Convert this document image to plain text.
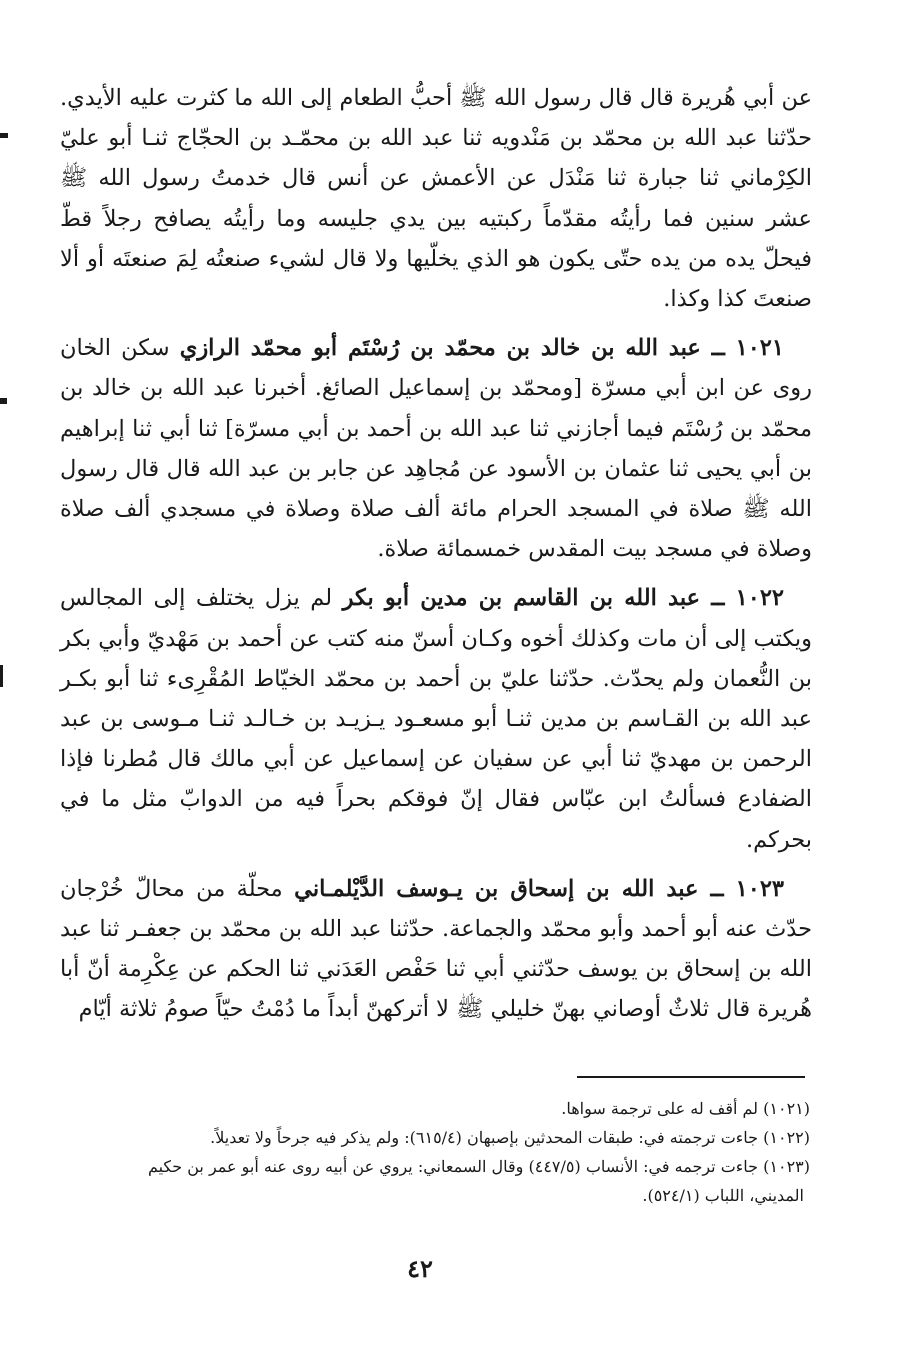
عن أبي هُريرة قال قال رسول الله ﷺ أحبُّ الطعام إلى الله ما كثرت عليه الأيدي. حدّثنا عبد الله بن محمّد بن مَنْدويه ثنا عبد الله بن محمّـد بن الحجّاج ثنـا أبو عليّ الكِرْماني ثنا جبارة ثنا مَنْدَل عن الأعمش عن أنس قال خدمتُ رسول الله ﷺ عشر سنين فما رأيتُه مقدّماً ركبتيه بين يدي جليسه وما رأيتُه يصافح رجلاً قطّ فيحلّ يده من يده حتّى يكون هو الذي يخلّيها ولا قال لشيء صنعتُه لِمَ صنعتَه أو ألا صنعتَ كذا وكذا.

١٠٢١ ــ عبد الله بن خالد بن محمّد بن رُسْتَم أبو محمّد الرازي سكن الخان روى عن ابن أبي مسرّة [ومحمّد بن إسماعيل الصائغ. أخبرنا عبد الله بن خالد بن محمّد بن رُسْتَم فيما أجازني ثنا عبد الله بن أحمد بن أبي مسرّة] ثنا أبي ثنا إبراهيم بن أبي يحيى ثنا عثمان بن الأسود عن مُجاهِد عن جابر بن عبد الله قال قال رسول الله ﷺ صلاة في المسجد الحرام مائة ألف صلاة وصلاة في مسجدي ألف صلاة وصلاة في مسجد بيت المقدس خمسمائة صلاة.

١٠٢٢ ــ عبد الله بن القاسم بن مدين أبو بكر لم يزل يختلف إلى المجالس ويكتب إلى أن مات وكذلك أخوه وكـان أسنّ منه كتب عن أحمد بن مَهْديّ وأبي بكر بن النُّعمان ولم يحدّث. حدّثنا عليّ بن أحمد بن محمّد الخيّاط المُقْرِىء ثنا أبو بكـر عبد الله بن القـاسم بن مدين ثنـا أبو مسعـود يـزيـد بن خـالـد ثنـا مـوسى بن عبد الرحمن بن مهديّ ثنا أبي عن سفيان عن إسماعيل عن أبي مالك قال مُطرنا فإذا الضفادع فسألتُ ابن عبّاس فقال إنّ فوقكم بحراً فيه من الدوابّ مثل ما في بحركم.

١٠٢٣ ــ عبد الله بن إسحاق بن يـوسف الدَّيْلمـاني محلّة من محالّ خُرْجان حدّث عنه أبو أحمد وأبو محمّد والجماعة. حدّثنا عبد الله بن محمّد بن جعفـر ثنا عبد الله بن إسحاق بن يوسف حدّثني أبي ثنا حَفْص العَدَني ثنا الحكم عن عِكْرِمة أنّ أبا هُريرة قال ثلاثٌ أوصاني بهنّ خليلي ﷺ لا أتركهنّ أبداً ما دُمْتُ حيّاً صومُ ثلاثة أيّام

(١٠٢١) لم أقف له على ترجمة سواها.

(١٠٢٢) جاءت ترجمته في: طبقات المحدثين بإصبهان (٦١٥/٤): ولم يذكر فيه جرحاً ولا تعديلاً.

(١٠٢٣) جاءت ترجمه في: الأنساب (٤٤٧/٥) وقال السمعاني: يروي عن أبيه روى عنه أبو عمر بن حكيم

المديني، اللباب (٥٢٤/١).

٤٢
